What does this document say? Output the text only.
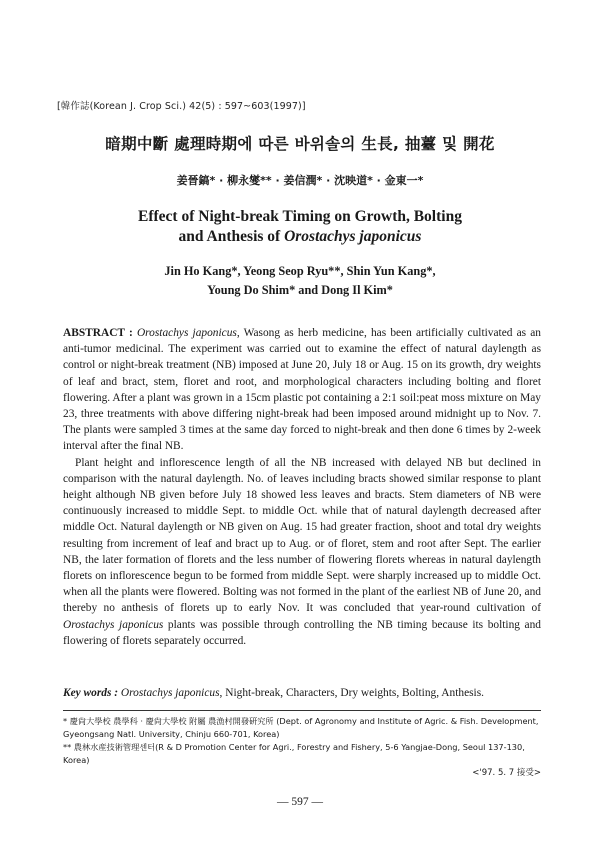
[韓作誌(Korean J. Crop Sci.) 42(5) : 597~603(1997)]
暗期中斷 處理時期에 따른 바위솔의 生長, 抽薹 및 開花
姜晉鎬* · 柳永燮** · 姜信潤* · 沈映道* · 金東一*
Effect of Night-break Timing on Growth, Bolting
and Anthesis of Orostachys japonicus
Jin Ho Kang*, Yeong Seop Ryu**, Shin Yun Kang*,
Young Do Shim* and Dong Il Kim*

ABSTRACT : Orostachys japonicus, Wasong as herb medicine, has been artificially cultivated as an anti-tumor medicinal. The experiment was carried out to examine the effect of natural daylength as control or night-break treatment (NB) imposed at June 20, July 18 or Aug. 15 on its growth, dry weights of leaf and bract, stem, floret and root, and morphological characters including bolting and floret flowering. After a plant was grown in a 15cm plastic pot containing a 2:1 soil:peat moss mixture on May 23, three treatments with above differing night-break had been imposed around midnight up to Nov. 7. The plants were sampled 3 times at the same day forced to night-break and then done 6 times by 2-week interval after the final NB.

Plant height and inflorescence length of all the NB increased with delayed NB but declined in comparison with the natural daylength. No. of leaves including bracts showed similar response to plant height although NB given before July 18 showed less leaves and bracts. Stem diameters of NB were continuously increased to middle Sept. to middle Oct. while that of natural daylength decreased after middle Oct. Natural daylength or NB given on Aug. 15 had greater fraction, shoot and total dry weights resulting from increment of leaf and bract up to Aug. or of floret, stem and root after Sept. The earlier NB, the later formation of florets and the less number of flowering florets whereas in natural daylength florets on inflorescence begun to be formed from middle Sept. were sharply increased up to middle Oct. when all the plants were flowered. Bolting was not formed in the plant of the earliest NB of June 20, and thereby no anthesis of florets up to early Nov. It was concluded that year-round cultivation of Orostachys japonicus plants was possible through controlling the NB timing because its bolting and flowering of florets separately occurred.

Key words : Orostachys japonicus, Night-break, Characters, Dry weights, Bolting, Anthesis.

* 慶尙大學校 農學科 · 慶尙大學校 附屬 農漁村開發硏究所 (Dept. of Agronomy and Institute of Agric. & Fish. Development, Gyeongsang Natl. University, Chinju 660-701, Korea)

** 農林水産技術管理센터(R & D Promotion Center for Agri., Forestry and Fishery, 5-6 Yangjae-Dong, Seoul 137-130, Korea)

<'97. 5. 7 接受>
— 597 —
